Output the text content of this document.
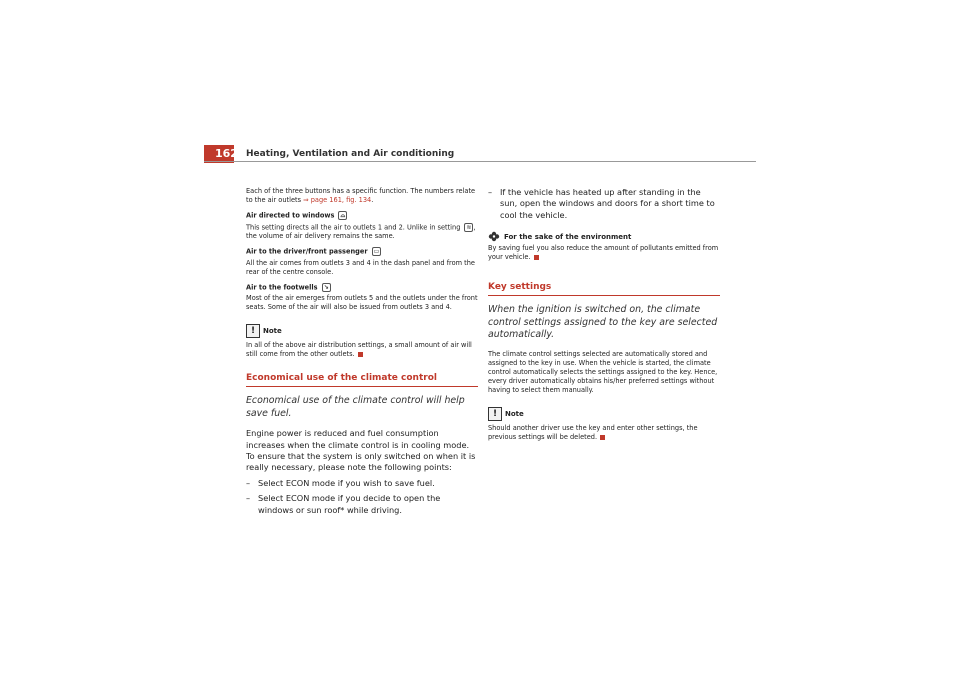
162 Heating, Ventilation and Air conditioning

Each of the three buttons has a specific function. The numbers relate to the air outlets ⇒ page 161, fig. 134.

Air directed to windows ⌓

This setting directs all the air to outlets 1 and 2. Unlike in setting ≋ , the volume of air delivery remains the same.

Air to the driver/front passenger ▭

All the air comes from outlets 3 and 4 in the dash panel and from the rear of the centre console.

Air to the footwells ↘

Most of the air emerges from outlets 5 and the outlets under the front seats. Some of the air will also be issued from outlets 3 and 4.

!	Note

In all of the above air distribution settings, a small amount of air will still come from the other outlets.

Economical use of the climate control
Economical use of the climate control will help save fuel.

Engine power is reduced and fuel consumption increases when the climate control is in cooling mode. To ensure that the system is only switched on when it is really necessary, please note the following points:

– Select ECON mode if you wish to save fuel.
– Select ECON mode if you decide to open the windows or sun roof* while driving.
– If the vehicle has heated up after standing in the sun, open the windows and doors for a short time to cool the vehicle.
For the sake of the environment

By saving fuel you also reduce the amount of pollutants emitted from your vehicle.

Key settings
When the ignition is switched on, the climate control settings assigned to the key are selected automatically.

The climate control settings selected are automatically stored and assigned to the key in use. When the vehicle is started, the climate control automatically selects the settings assigned to the key. Hence, every driver automatically obtains his/her preferred settings without having to select them manually.

!	Note

Should another driver use the key and enter other settings, the previous settings will be deleted.
